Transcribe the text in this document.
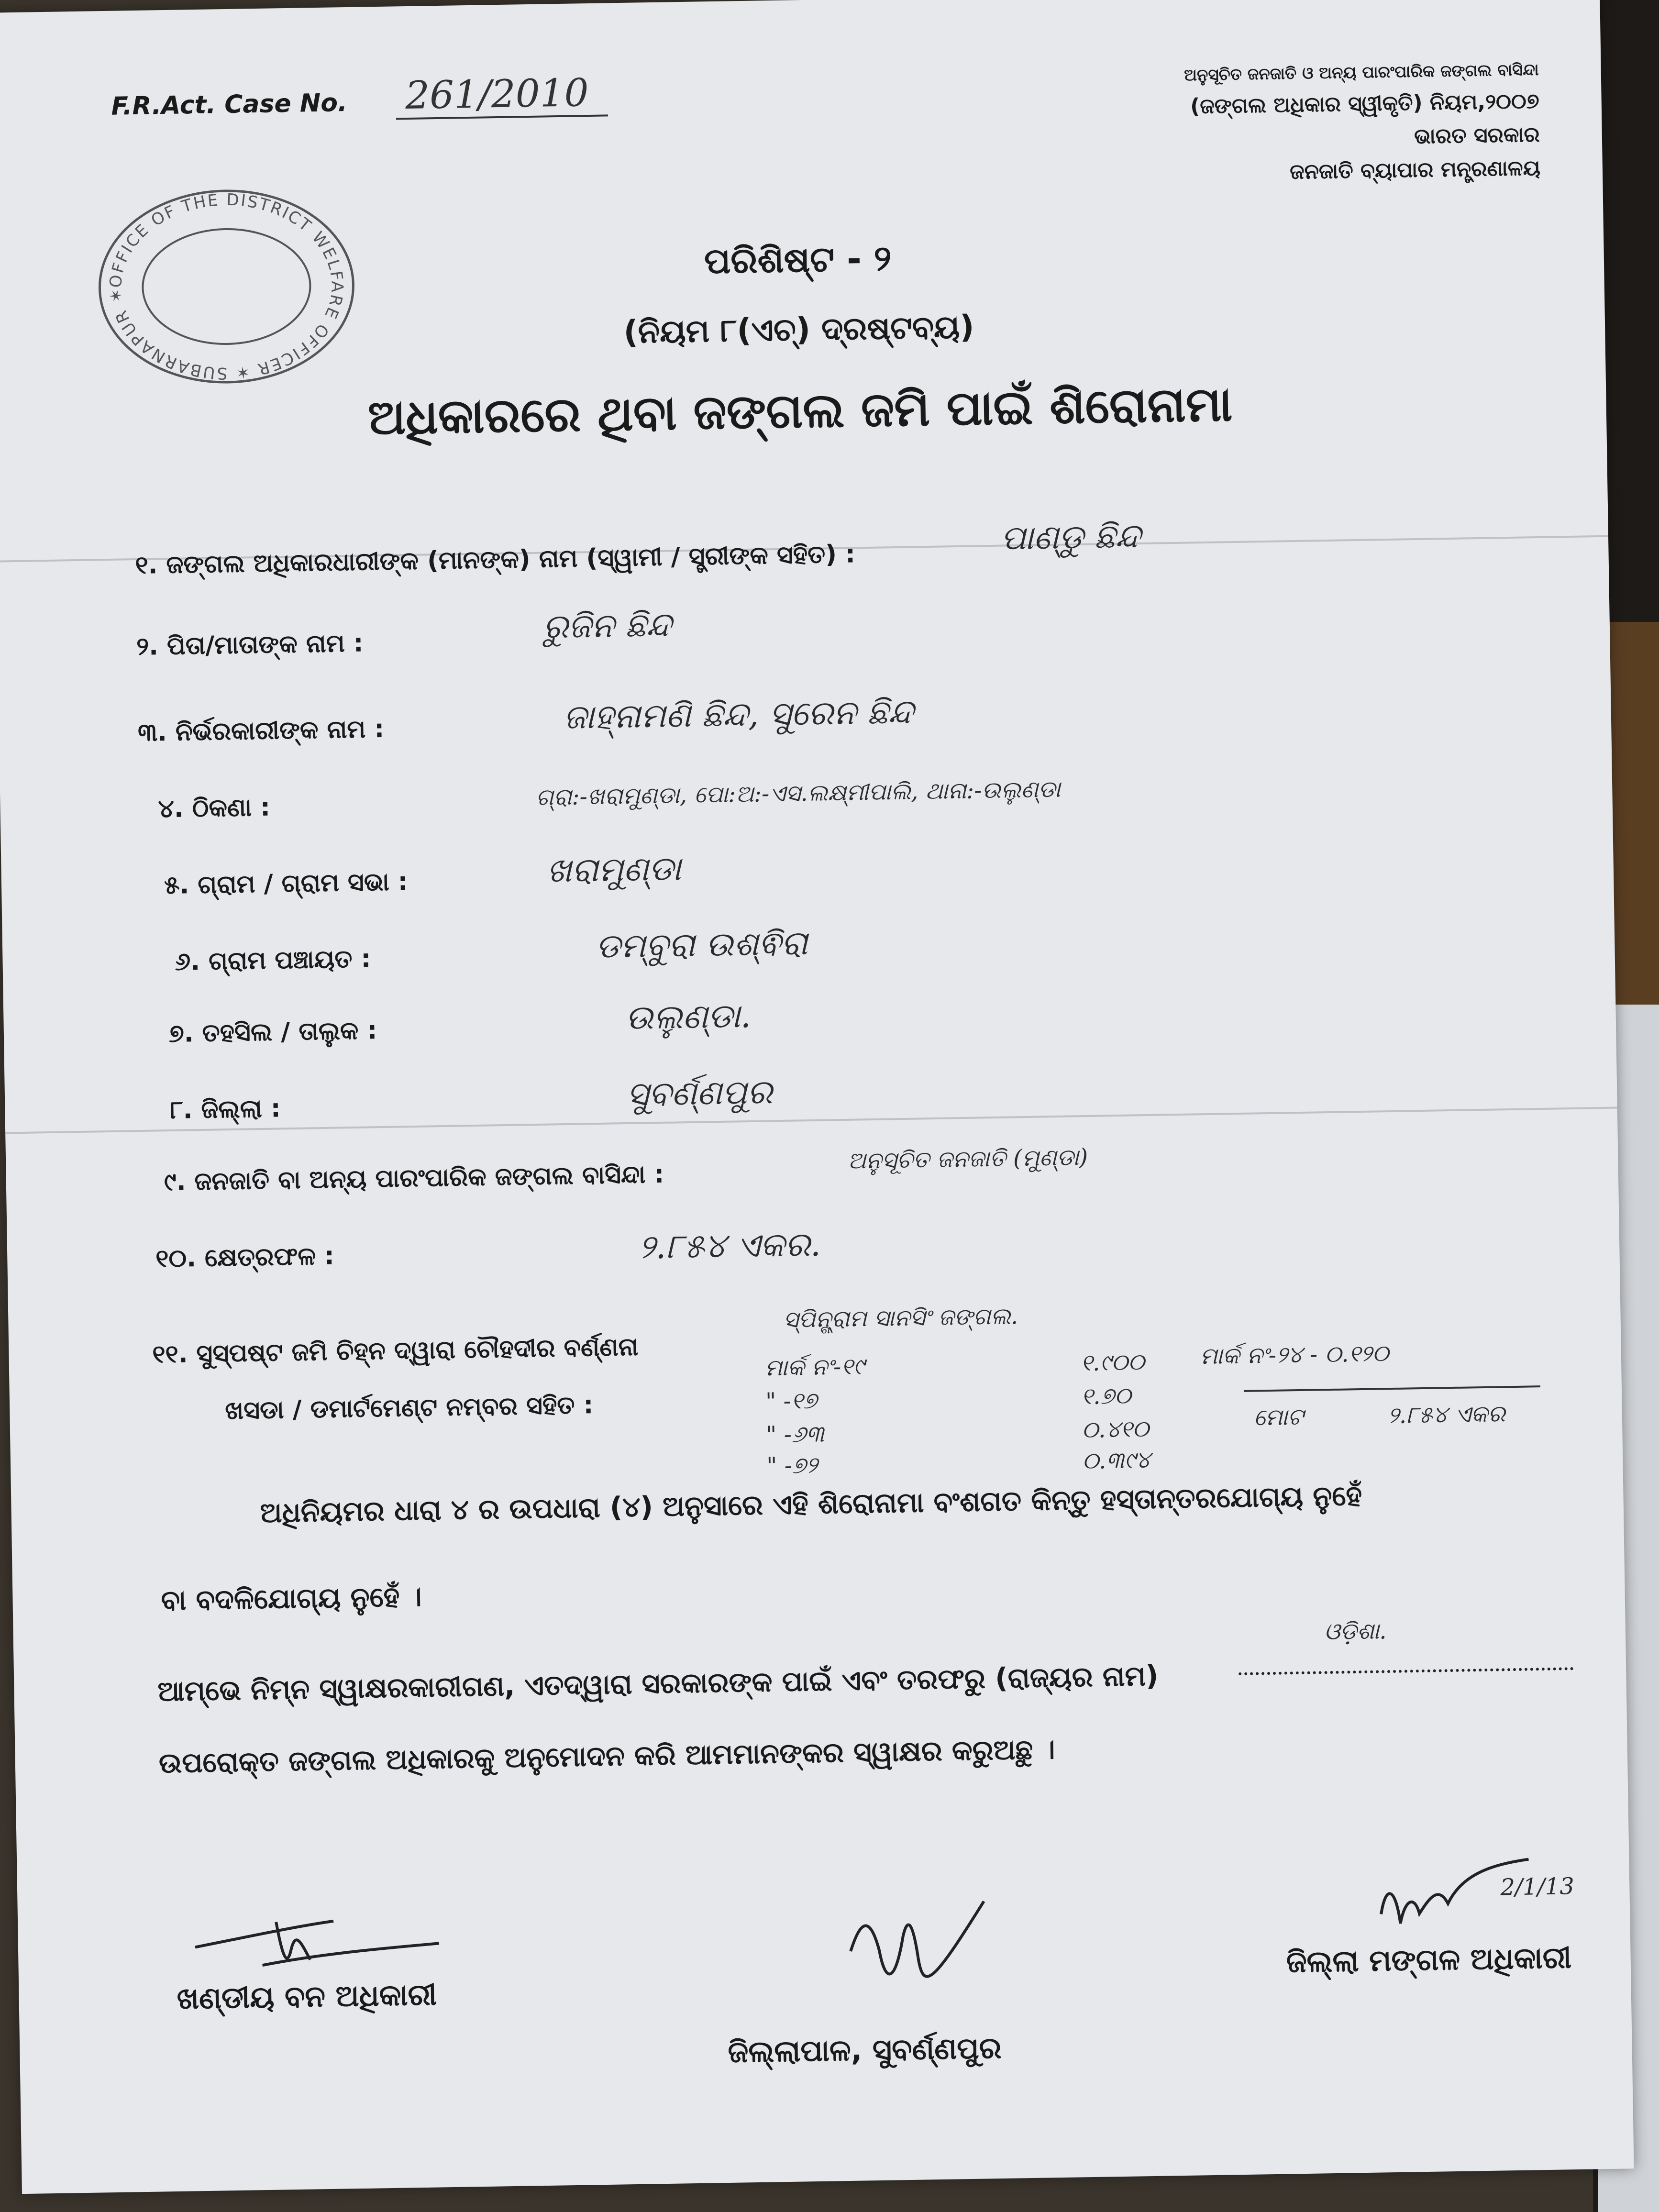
F.R.Act. Case No. 261/2010	ଅନୁସୂଚିତ ଜନଜାତି ଓ ଅନ୍ୟ ପାରଂପାରିକ ଜଙ୍ଗଲ ବାସିନ୍ଦା
(ଜଙ୍ଗଲ ଅଧିକାର ସ୍ୱୀକୃତି) ନିୟମ,୨୦୦୭
ଭାରତ ସରକାର
ଜନଜାତି ବ୍ୟାପାର ମନ୍ତ୍ରଣାଳୟ
OFFICE OF THE DISTRICT WELFARE OFFICER ✶ SUBARNAPUR ✶
ପରିଶିଷ୍ଟ - ୨
(ନିୟମ ୮(ଏଚ୍) ଦ୍ରଷ୍ଟବ୍ୟ)
ଅଧିକାରରେ ଥିବା ଜଙ୍ଗଲ ଜମି ପାଇଁ ଶିରୋନାମା
୧. ଜଙ୍ଗଲ ଅଧିକାରଧାରୀଙ୍କ (ମାନଙ୍କ) ନାମ (ସ୍ୱାମୀ / ସ୍ତ୍ରୀଙ୍କ ସହିତ) :
ପାଣ୍ଡୁ ଛିନ୍ଦ
୨. ପିତା/ମାତାଙ୍କ ନାମ :	ରୁଜିନ ଛିନ୍ଦ
୩. ନିର୍ଭରକାରୀଙ୍କ ନାମ :	ଜାହ୍ନାମଣି ଛିନ୍ଦ, ସୁରେନ ଛିନ୍ଦ
୪. ଠିକଣା :	ଗ୍ରା:-ଖରାମୁଣ୍ଡା, ପୋ:ଅ:-ଏସ.ଲକ୍ଷ୍ମୀପାଲି, ଥାନା:-ଉଲୁଣ୍ଡା
୫. ଗ୍ରାମ / ଗ୍ରାମ ସଭା :	ଖରାମୁଣ୍ଡା
୬. ଗ୍ରାମ ପଞ୍ଚାୟତ :	ଡମ୍ବୁରା ଉଶ୍ଵିରା
୭. ତହସିଲ / ତାଲୁକ :	ଉଲୁଣ୍ଡା.
୮. ଜିଲ୍ଲା :	ସୁବର୍ଣ୍ଣପୁର
୯. ଜନଜାତି ବା ଅନ୍ୟ ପାରଂପାରିକ ଜଙ୍ଗଲ ବାସିନ୍ଦା :
ଅନୁସୂଚିତ ଜନଜାତି (ମୁଣ୍ଡା)
୧୦. କ୍ଷେତ୍ରଫଳ :	୨.୮୫୪ ଏକର.
୧୧. ସୁସ୍ପଷ୍ଟ ଜମି ଚିହ୍ନ ଦ୍ୱାରା ଚୌହଦୀର ବର୍ଣ୍ଣନା
ସ୍ପିନ୍ଗ୍ରାମ ସାନସିଂ ଜଙ୍ଗଲ.
ଖସଡା / ଡମାର୍ଟମେଣ୍ଟ ନମ୍ବର ସହିତ :
ମାର୍କ ନଂ-୧୯	୧.୯୦୦
" -୧୭	୧.୭୦
" -୬୩	୦.୪୧୦
" -୭୨	୦.୩୯୪
ମାର୍କ ନଂ-୨୪ - ୦.୧୨୦
ମୋଟ	୨.୮୫୪ ଏକର
ଅଧିନିୟମର ଧାରା ୪ ର ଉପଧାରା (୪) ଅନୁସାରେ ଏହି ଶିରୋନାମା ବଂଶଗତ କିନ୍ତୁ ହସ୍ତାନ୍ତରଯୋଗ୍ୟ ନୁହେଁ
ବା ବଦଳିଯୋଗ୍ୟ ନୁହେଁ ।
ଓଡ଼ିଶା.
ଆମ୍ଭେ ନିମ୍ନ ସ୍ୱାକ୍ଷରକାରୀଗଣ, ଏତଦ୍ୱାରା ସରକାରଙ୍କ ପାଇଁ ଏବଂ ତରଫରୁ (ରାଜ୍ୟର ନାମ)
ଉପରୋକ୍ତ ଜଙ୍ଗଲ ଅଧିକାରକୁ ଅନୁମୋଦନ କରି ଆମମାନଙ୍କର ସ୍ୱାକ୍ଷର କରୁଅଛୁ ।
ଖଣ୍ଡୀୟ ବନ ଅଧିକାରୀ
ଜିଲ୍ଲାପାଳ, ସୁବର୍ଣ୍ଣପୁର
2/1/13
ଜିଲ୍ଲା ମଙ୍ଗଳ ଅଧିକାରୀ
